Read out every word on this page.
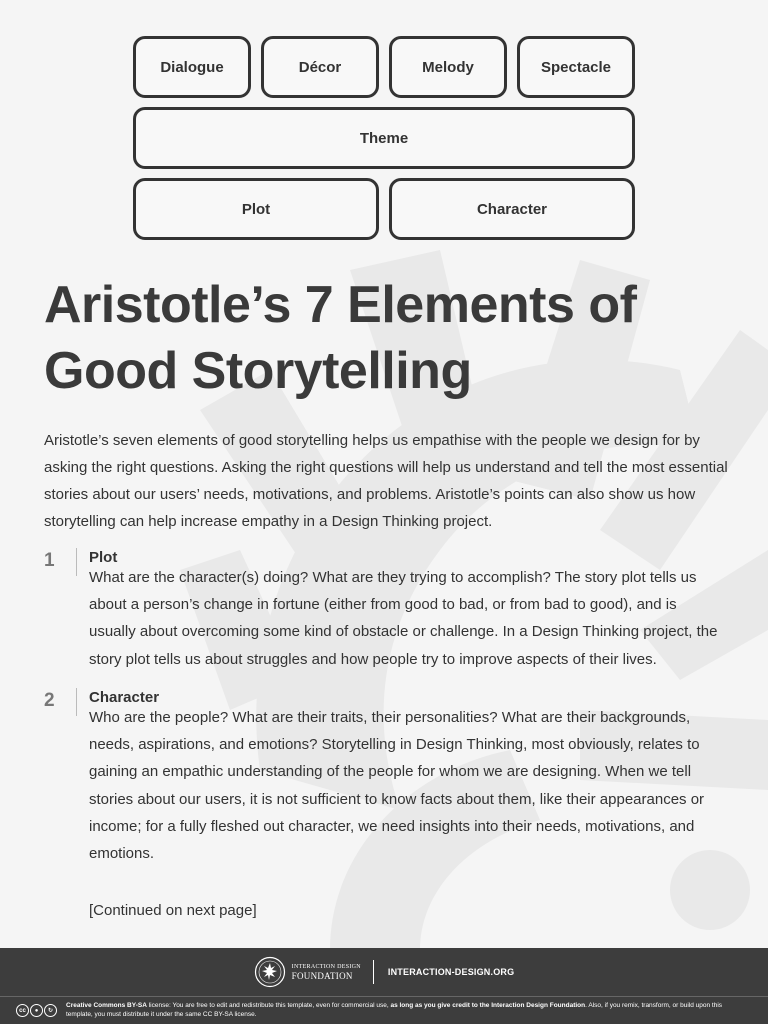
Dialogue	Décor	Melody	Spectacle
Theme
Plot	Character
Aristotle’s 7 Elements of
Good Storytelling

Aristotle’s seven elements of good storytelling helps us empathise with the people we design for by asking the right questions. Asking the right questions will help us understand and tell the most essential stories about our users’ needs, motivations, and problems. Aristotle’s points can also show us how storytelling can help increase empathy in a Design Thinking project.

1 Plot

What are the character(s) doing? What are they trying to accomplish? The story plot tells us about a person’s change in fortune (either from good to bad, or from bad to good), and is usually about overcoming some kind of obstacle or challenge. In a Design Thinking project, the story plot tells us about struggles and how people try to improve aspects of their lives.

2 Character

Who are the people? What are their traits, their personalities? What are their backgrounds, needs, aspirations, and emotions? Storytelling in Design Thinking, most obviously, relates to gaining an empathic understanding of the people for whom we are designing. When we tell stories about our users, it is not sufficient to know facts about them, like their appearances or income; for a fully fleshed out character, we need insights into their needs, motivations, and emotions.

[Continued on next page]
INTERACTION DESIGN
FOUNDATION	INTERACTION-DESIGN.ORG
cc	●	↻
Creative Commons BY-SA license: You are free to edit and redistribute this template, even for commercial use, as long as you give credit to the Interaction Design Foundation. Also, if you remix, transform, or build upon this template, you must distribute it under the same CC BY-SA license.
